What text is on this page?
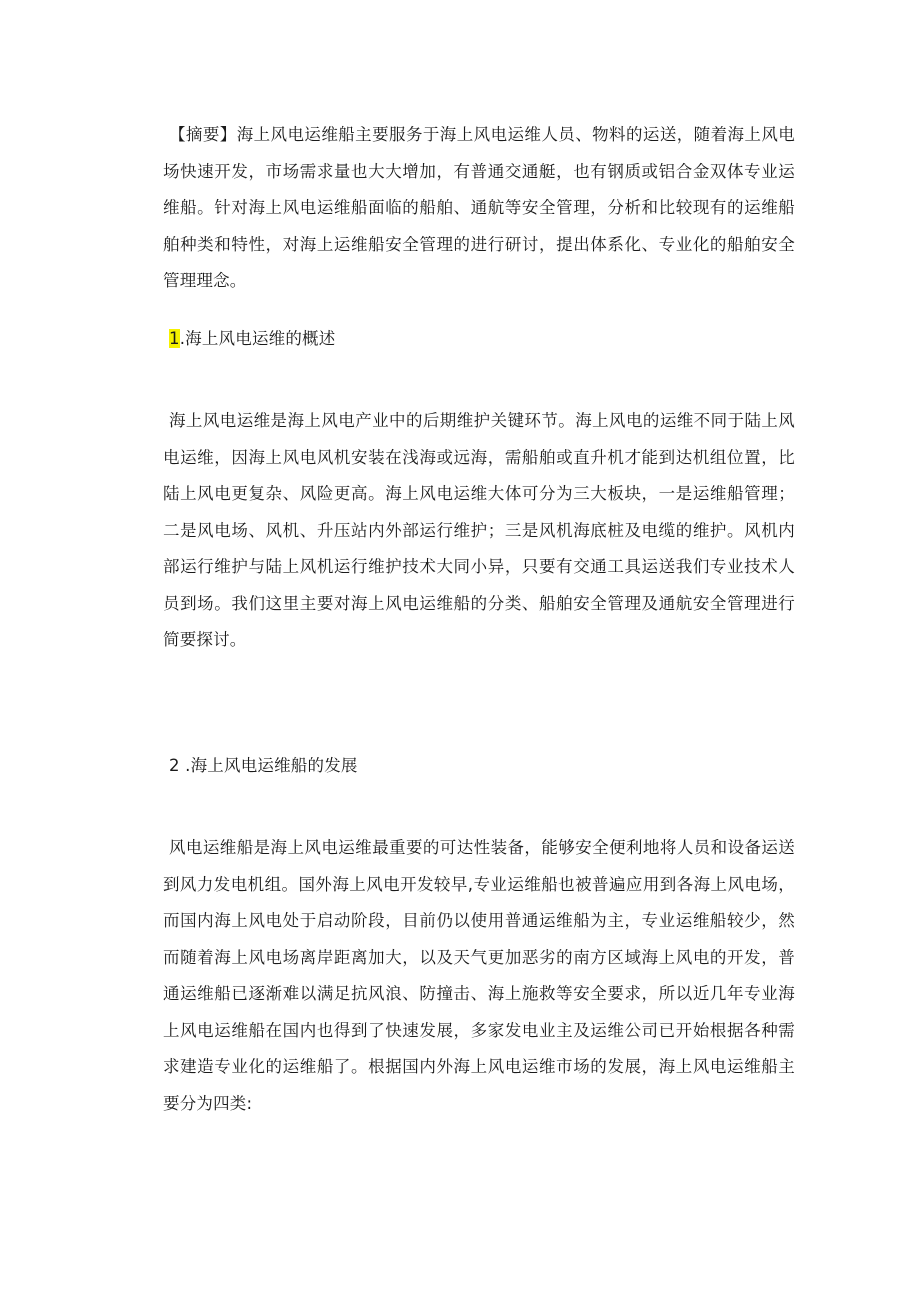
【摘要】海上风电运维船主要服务于海上风电运维人员、物料的运送，随着海上风电场快速开发，市场需求量也大大增加，有普通交通艇，也有钢质或铝合金双体专业运维船。针对海上风电运维船面临的船舶、通航等安全管理，分析和比较现有的运维船舶种类和特性，对海上运维船安全管理的进行研讨，提出体系化、专业化的船舶安全管理理念。

1.海上风电运维的概述

海上风电运维是海上风电产业中的后期维护关键环节。海上风电的运维不同于陆上风电运维，因海上风电风机安装在浅海或远海，需船舶或直升机才能到达机组位置，比陆上风电更复杂、风险更高。海上风电运维大体可分为三大板块，一是运维船管理；二是风电场、风机、升压站内外部运行维护；三是风机海底桩及电缆的维护。风机内部运行维护与陆上风机运行维护技术大同小异，只要有交通工具运送我们专业技术人员到场。我们这里主要对海上风电运维船的分类、船舶安全管理及通航安全管理进行简要探讨。

2 .海上风电运维船的发展

风电运维船是海上风电运维最重要的可达性装备，能够安全便利地将人员和设备运送到风力发电机组。国外海上风电开发较早,专业运维船也被普遍应用到各海上风电场，而国内海上风电处于启动阶段，目前仍以使用普通运维船为主，专业运维船较少，然而随着海上风电场离岸距离加大，以及天气更加恶劣的南方区域海上风电的开发，普通运维船已逐渐难以满足抗风浪、防撞击、海上施救等安全要求，所以近几年专业海上风电运维船在国内也得到了快速发展，多家发电业主及运维公司已开始根据各种需求建造专业化的运维船了。根据国内外海上风电运维市场的发展，海上风电运维船主要分为四类:
